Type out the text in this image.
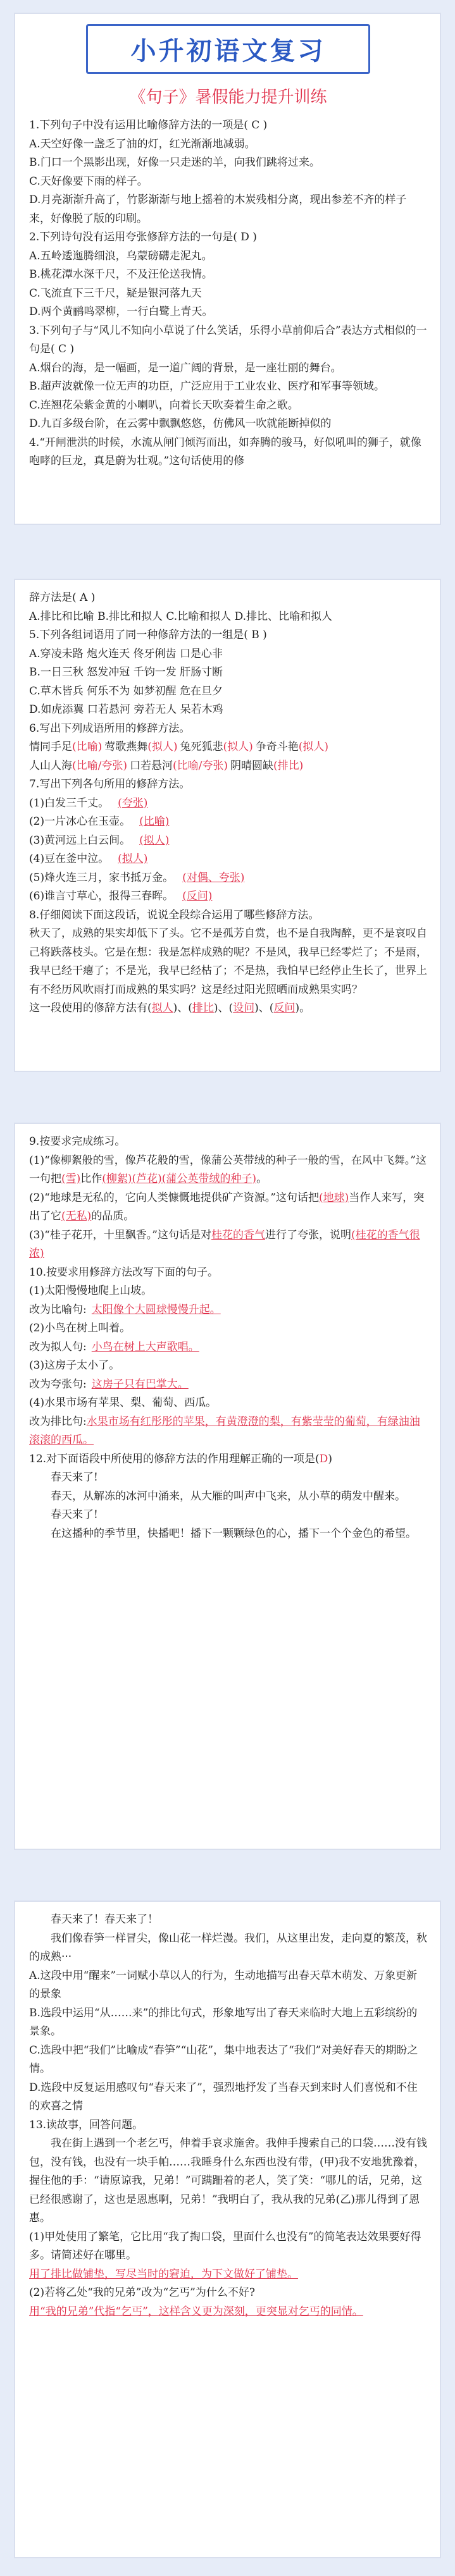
小升初语文复习
《句子》暑假能力提升训练

1.下列句子中没有运用比喻修辞方法的一项是( C )

A.天空好像一盏乏了油的灯，红光渐渐地减弱。

B.门口一个黑影出现，好像一只走迷的羊，向我们跳将过来。

C.天好像要下雨的样子。

D.月亮渐渐升高了，竹影渐渐与地上摇着的木炭残相分离，现出参差不齐的样子来，好像脱了版的印刷。

2.下列诗句没有运用夸张修辞方法的一句是( D )

A.五岭逶迤腾细浪，乌蒙磅礴走泥丸。

B.桃花潭水深千尺，不及汪伦送我情。

C.飞流直下三千尺，疑是银河落九天

D.两个黄鹂鸣翠柳，一行白鹭上青天。

3.下列句子与“风儿不知向小草说了什么笑话，乐得小草前仰后合”表达方式相似的一句是( C )

A.烟台的海，是一幅画，是一道广阔的背景，是一座壮丽的舞台。

B.超声波就像一位无声的功臣，广泛应用于工业农业、医疗和军事等领域。

C.连翘花朵紫金黄的小喇叭，向着长天吹奏着生命之歌。

D.九百多级台阶，在云雾中飘飘悠悠，仿佛风一吹就能断掉似的

4.“开闸泄洪的时候，水流从闸门倾泻而出，如奔腾的骏马，好似吼叫的狮子，就像咆哮的巨龙，真是蔚为壮观。”这句话使用的修

辞方法是( A )

A.排比和比喻 B.排比和拟人 C.比喻和拟人 D.排比、比喻和拟人

5.下列各组词语用了同一种修辞方法的一组是( B )

A.穿凌未路 炮火连天 佟牙俐齿 口是心非

B.一日三秋 怒发冲冠 千钧一发 肝肠寸断

C.草木皆兵 何乐不为 如梦初醒 危在旦夕

D.如虎添翼 口若悬河 旁若无人 呆若木鸡

6.写出下列成语所用的修辞方法。

情同手足(比喻) 莺歌燕舞(拟人) 兔死狐悲(拟人) 争奇斗艳(拟人)

人山人海(比喻/夸张) 口若悬河(比喻/夸张) 阴晴圆缺(排比)

7.写出下列各句所用的修辞方法。

(1)白发三千丈。 (夸张)

(2)一片冰心在玉壶。 (比喻)

(3)黄河远上白云间。 (拟人)

(4)豆在釜中泣。 (拟人)

(5)烽火连三月，家书抵万金。 (对偶、夸张)

(6)谁言寸草心，报得三春晖。 (反问)

8.仔细阅读下面这段话，说说全段综合运用了哪些修辞方法。

秋天了，成熟的果实却低下了头。它不是孤芳自赏，也不是自我陶醉，更不是哀叹自己将跌落枝头。它是在想：我是怎样成熟的呢？不是风，我早已经零烂了；不是雨，我早已经干瘪了；不是光，我早已经枯了；不是热，我怕早已经停止生长了，世界上有不经历风吹雨打而成熟的果实吗？这是经过阳光照晒而成熟果实吗？

这一段使用的修辞方法有(拟人)、(排比)、(设问)、(反问)。

9.按要求完成练习。

(1)“像柳絮般的雪，像芦花般的雪，像蒲公英带绒的种子一般的雪，在风中飞舞。”这一句把(雪)比作(柳絮)(芦花)(蒲公英带绒的种子)。

(2)“地球是无私的，它向人类慷慨地提供矿产资源。”这句话把(地球)当作人来写，突出了它(无私)的品质。

(3)“桂子花开，十里飘香。”这句话是对桂花的香气进行了夸张，说明(桂花的香气很浓)

10.按要求用修辞方法改写下面的句子。

(1)太阳慢慢地爬上山坡。

改为比喻句: 太阳像个大圆球慢慢升起。

(2)小鸟在树上叫着。

改为拟人句: 小鸟在树上大声歌唱。

(3)这房子太小了。

改为夸张句: 这房子只有巴掌大。

(4)水果市场有苹果、梨、葡萄、西瓜。

改为排比句:水果市场有红彤彤的苹果，有黄澄澄的梨，有紫莹莹的葡萄，有绿油油滚滚的西瓜。

12.对下面语段中所使用的修辞方法的作用理解正确的一项是(D)

春天来了!

春天，从解冻的冰河中涌来，从大雁的叫声中飞来，从小草的萌发中醒来。

春天来了!

在这播种的季节里，快播吧！播下一颗颗绿色的心，播下一个个金色的希望。

春天来了！春天来了！

我们像春笋一样冒尖，像山花一样烂漫。我们，从这里出发，走向夏的繁茂，秋的成熟···

A.这段中用“醒来”一词赋小草以人的行为，生动地描写出春天草木萌发、万象更新的景象

B.选段中运用“从……来”的排比句式，形象地写出了春天来临时大地上五彩缤纷的景象。

C.选段中把“我们”比喻成“春笋”“山花”，集中地表达了“我们”对美好春天的期盼之情。

D.选段中反复运用感叹句“春天来了”，强烈地抒发了当春天到来时人们喜悦和不住的欢喜之情

13.读故事，回答问题。

我在街上遇到一个老乞丐，伸着手哀求施舍。我伸手搜索自己的口袋……没有钱包，没有钱，也没有一块手帕……我睡身什么东西也没有带，(甲)我不安地犹豫着，握住他的手：“请原谅我，兄弟！”可蹒跚着的老人，笑了笑：“哪儿的话，兄弟，这已经很感谢了，这也是恩惠啊，兄弟！”我明白了，我从我的兄弟(乙)那儿得到了恩惠。

(1)甲处使用了繁笔，它比用“我了掏口袋，里面什么也没有”的简笔表达效果要好得多。请简述好在哪里。

用了排比做铺垫，写尽当时的窘迫，为下文做好了铺垫。

(2)若将乙处“我的兄弟”改为“乞丐”为什么不好?

用“我的兄弟”代指“乞丐”，这样含义更为深刻，更突显对乞丐的同情。
